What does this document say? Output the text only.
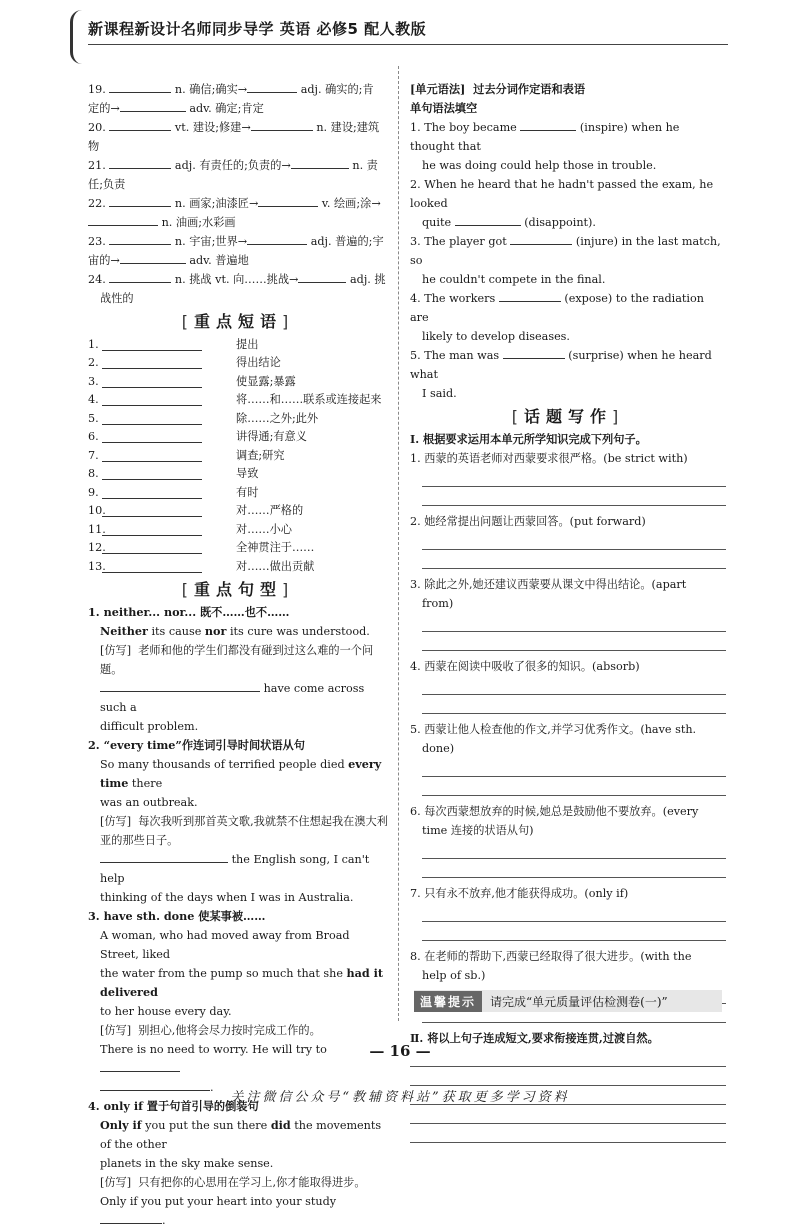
新课程新设计名师同步导学 英语 必修5 配人教版
19.	n. 确信;确实→	adj. 确实的;肯
定的→	adv. 确定;肯定
20.	vt. 建设;修建→	n. 建设;建筑物
21.	adj. 有责任的;负责的→	n. 责
任;负责
22.	n. 画家;油漆匠→	v. 绘画;涂→
n. 油画;水彩画
23.	n. 宇宙;世界→	adj. 普遍的;宇
宙的→	adv. 普遍地
24.	n. 挑战 vt. 向……挑战→	adj. 挑
战性的
[重点短语]
1.	提出
2.	得出结论
3.	使显露;暴露
4.	将……和……联系或连接起来
5.	除……之外;此外
6.	讲得通;有意义
7.	调查;研究
8.	导致
9.	有时
10.	对……严格的
11.	对……小心
12.	全神贯注于……
13.	对……做出贡献
[重点句型]
1. neither... nor... 既不……也不……
Neither its cause nor its cure was understood.
[仿写] 老师和他的学生们都没有碰到过这么难的一个问题。
have come across such a
difficult problem.
2. “every time”作连词引导时间状语从句
So many thousands of terrified people died every time there
was an outbreak.
[仿写] 每次我听到那首英文歌,我就禁不住想起我在澳大利亚的那些日子。
the English song, I can't help
thinking of the days when I was in Australia.
3. have sth. done 使某事被……
A woman, who had moved away from Broad Street, liked
the water from the pump so much that she had it delivered
to her house every day.
[仿写] 别担心,他将会尽力按时完成工作的。
There is no need to worry. He will try to
.
4. only if 置于句首引导的倒装句
Only if you put the sun there did the movements of the other
planets in the sky make sense.
[仿写] 只有把你的心思用在学习上,你才能取得进步。
Only if you put your heart into your study .
[单元语法] 过去分词作定语和表语
单句语法填空
1. The boy became	(inspire) when he thought that
he was doing could help those in trouble.
2. When he heard that he hadn't passed the exam, he looked
quite	(disappoint).
3. The player got	(injure) in the last match, so
he couldn't compete in the final.
4. The workers	(expose) to the radiation are
likely to develop diseases.
5. The man was	(surprise) when he heard what
I said.
[话题写作]
Ⅰ. 根据要求运用本单元所学知识完成下列句子。
1. 西蒙的英语老师对西蒙要求很严格。(be strict with)
2. 她经常提出问题让西蒙回答。(put forward)
3. 除此之外,她还建议西蒙要从课文中得出结论。(apart
from)
4. 西蒙在阅读中吸收了很多的知识。(absorb)
5. 西蒙让他人检查他的作文,并学习优秀作文。(have sth.
done)
6. 每次西蒙想放弃的时候,她总是鼓励他不要放弃。(every
time 连接的状语从句)
7. 只有永不放弃,他才能获得成功。(only if)
8. 在老师的帮助下,西蒙已经取得了很大进步。(with the
help of sb.)
Ⅱ. 将以上句子连成短文,要求衔接连贯,过渡自然。
温馨提示	请完成“单元质量评估检测卷(一)”
— 16 —
关注微信公众号“教辅资料站”获取更多学习资料
